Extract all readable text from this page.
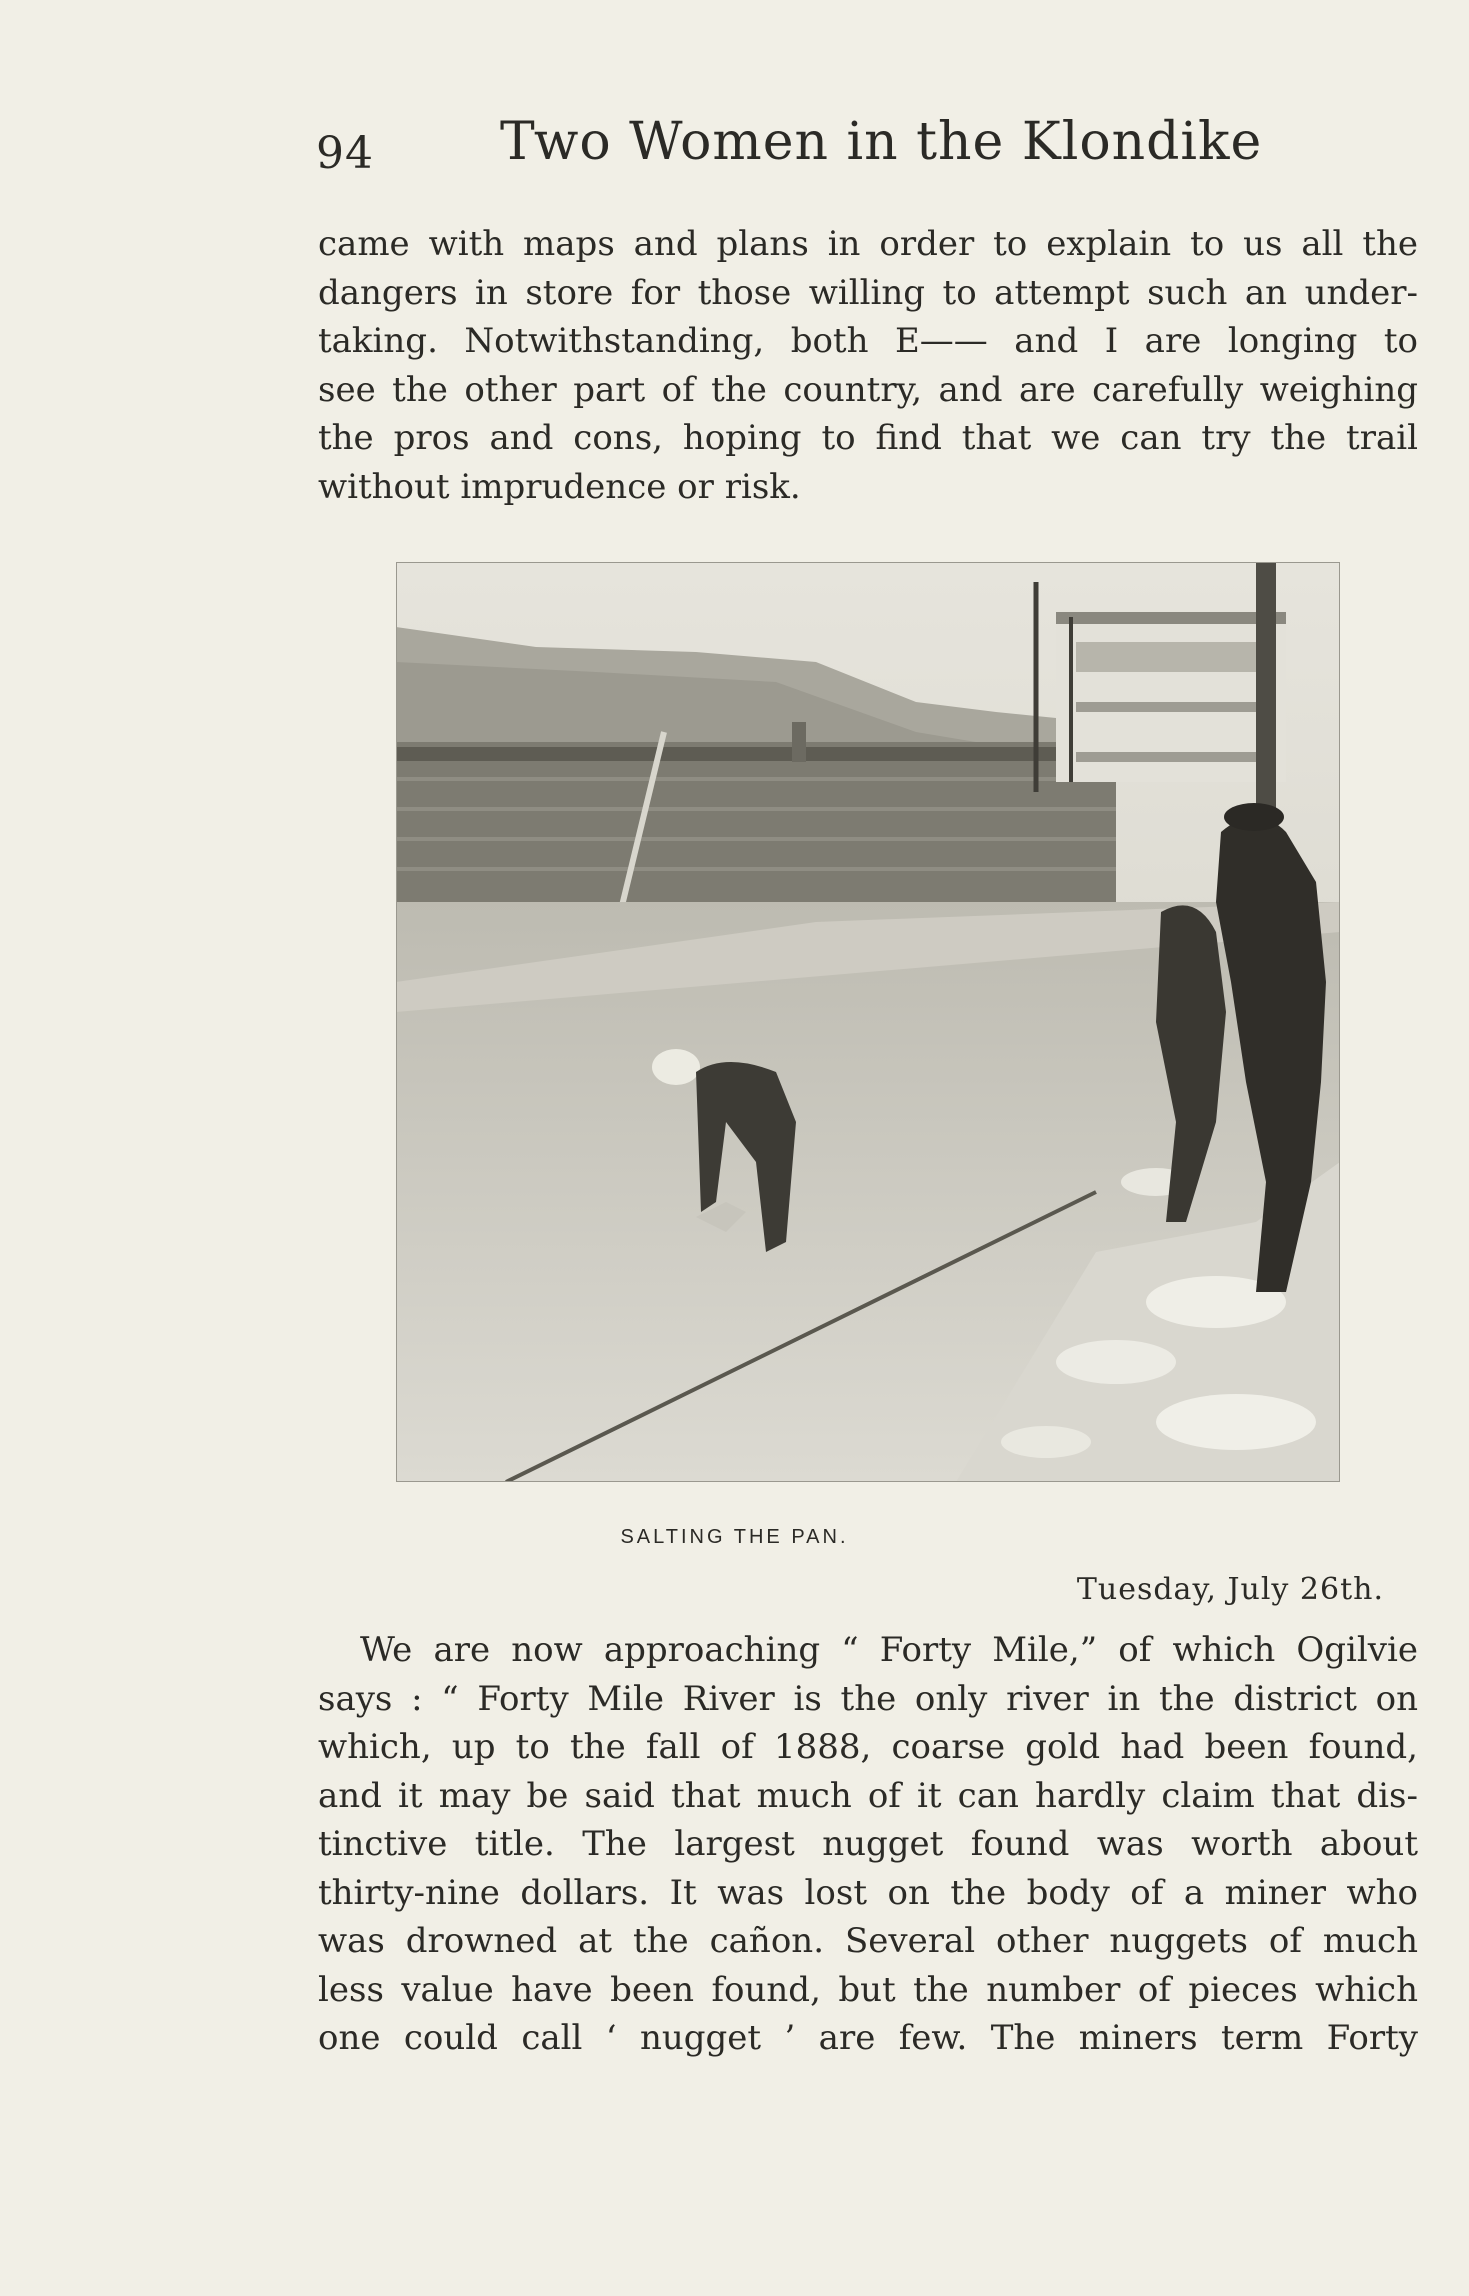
94 Two Women in the Klondike
came with maps and plans in order to explain to us all the
dangers in store for those willing to attempt such an under-
taking. Notwithstanding, both E—— and I are longing to
see the other part of the country, and are carefully weighing
the pros and cons, hoping to find that we can try the trail
without imprudence or risk.
SALTING THE PAN.
Tuesday, July 26th.
We are now approaching “ Forty Mile,” of which Ogilvie
says : “ Forty Mile River is the only river in the district on
which, up to the fall of 1888, coarse gold had been found,
and it may be said that much of it can hardly claim that dis-
tinctive title. The largest nugget found was worth about
thirty-nine dollars. It was lost on the body of a miner who
was drowned at the cañon. Several other nuggets of much
less value have been found, but the number of pieces which
one could call ‘ nugget ’ are few. The miners term Forty
